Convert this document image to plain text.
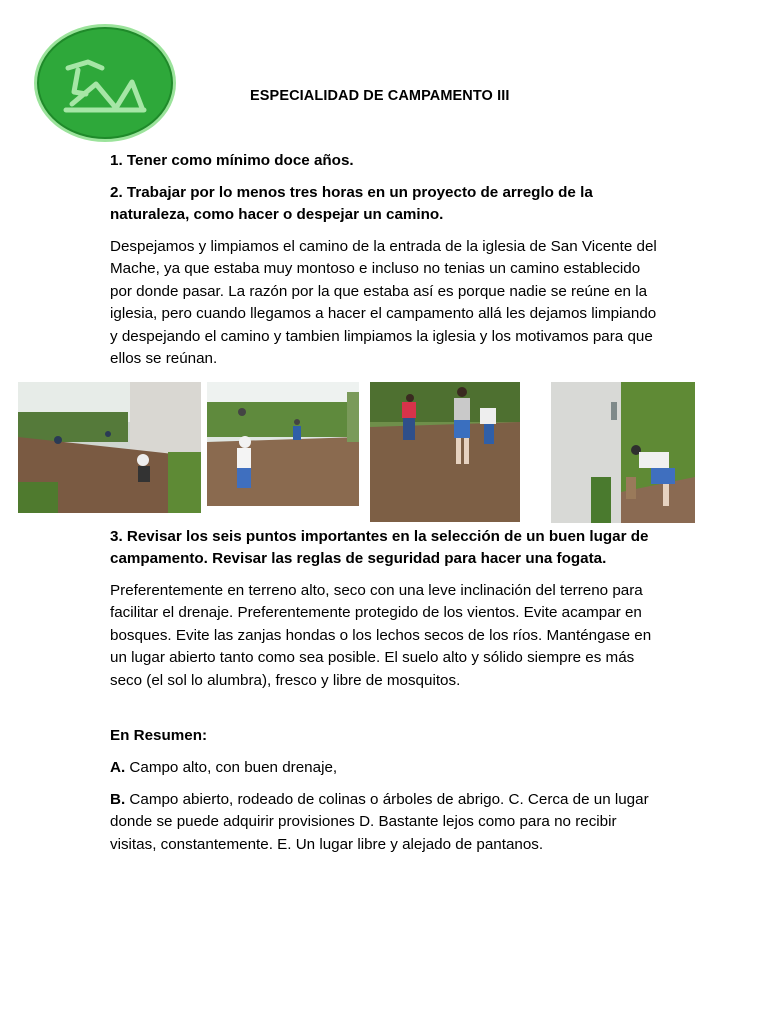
ESPECIALIDAD DE CAMPAMENTO III

1. Tener como mínimo doce años.

2. Trabajar por lo menos tres horas en un proyecto de arreglo de la naturaleza, como hacer o despejar un camino.

Despejamos y limpiamos el camino de la entrada de la iglesia de San Vicente del Mache, ya que estaba muy montoso e incluso no tenias un camino establecido por donde pasar. La razón por la que estaba así es porque nadie se reúne en la iglesia, pero cuando llegamos a hacer el campamento allá les dejamos limpiando y despejando el camino y tambien limpiamos la iglesia y los motivamos para que ellos se reúnan.

3. Revisar los seis puntos importantes en la selección de un buen lugar de campamento. Revisar las reglas de seguridad para hacer una fogata.

Preferentemente en terreno alto, seco con una leve inclinación del terreno para facilitar el drenaje. Preferentemente protegido de los vientos. Evite acampar en bosques. Evite las zanjas hondas o los lechos secos de los ríos. Manténgase en un lugar abierto tanto como sea posible. El suelo alto y sólido siempre es más seco (el sol lo alumbra), fresco y libre de mosquitos.

En Resumen:

A. Campo alto, con buen drenaje,

B. Campo abierto, rodeado de colinas o árboles de abrigo. C. Cerca de un lugar donde se puede adquirir provisiones D. Bastante lejos como para no recibir visitas, constantemente. E. Un lugar libre y alejado de pantanos.
